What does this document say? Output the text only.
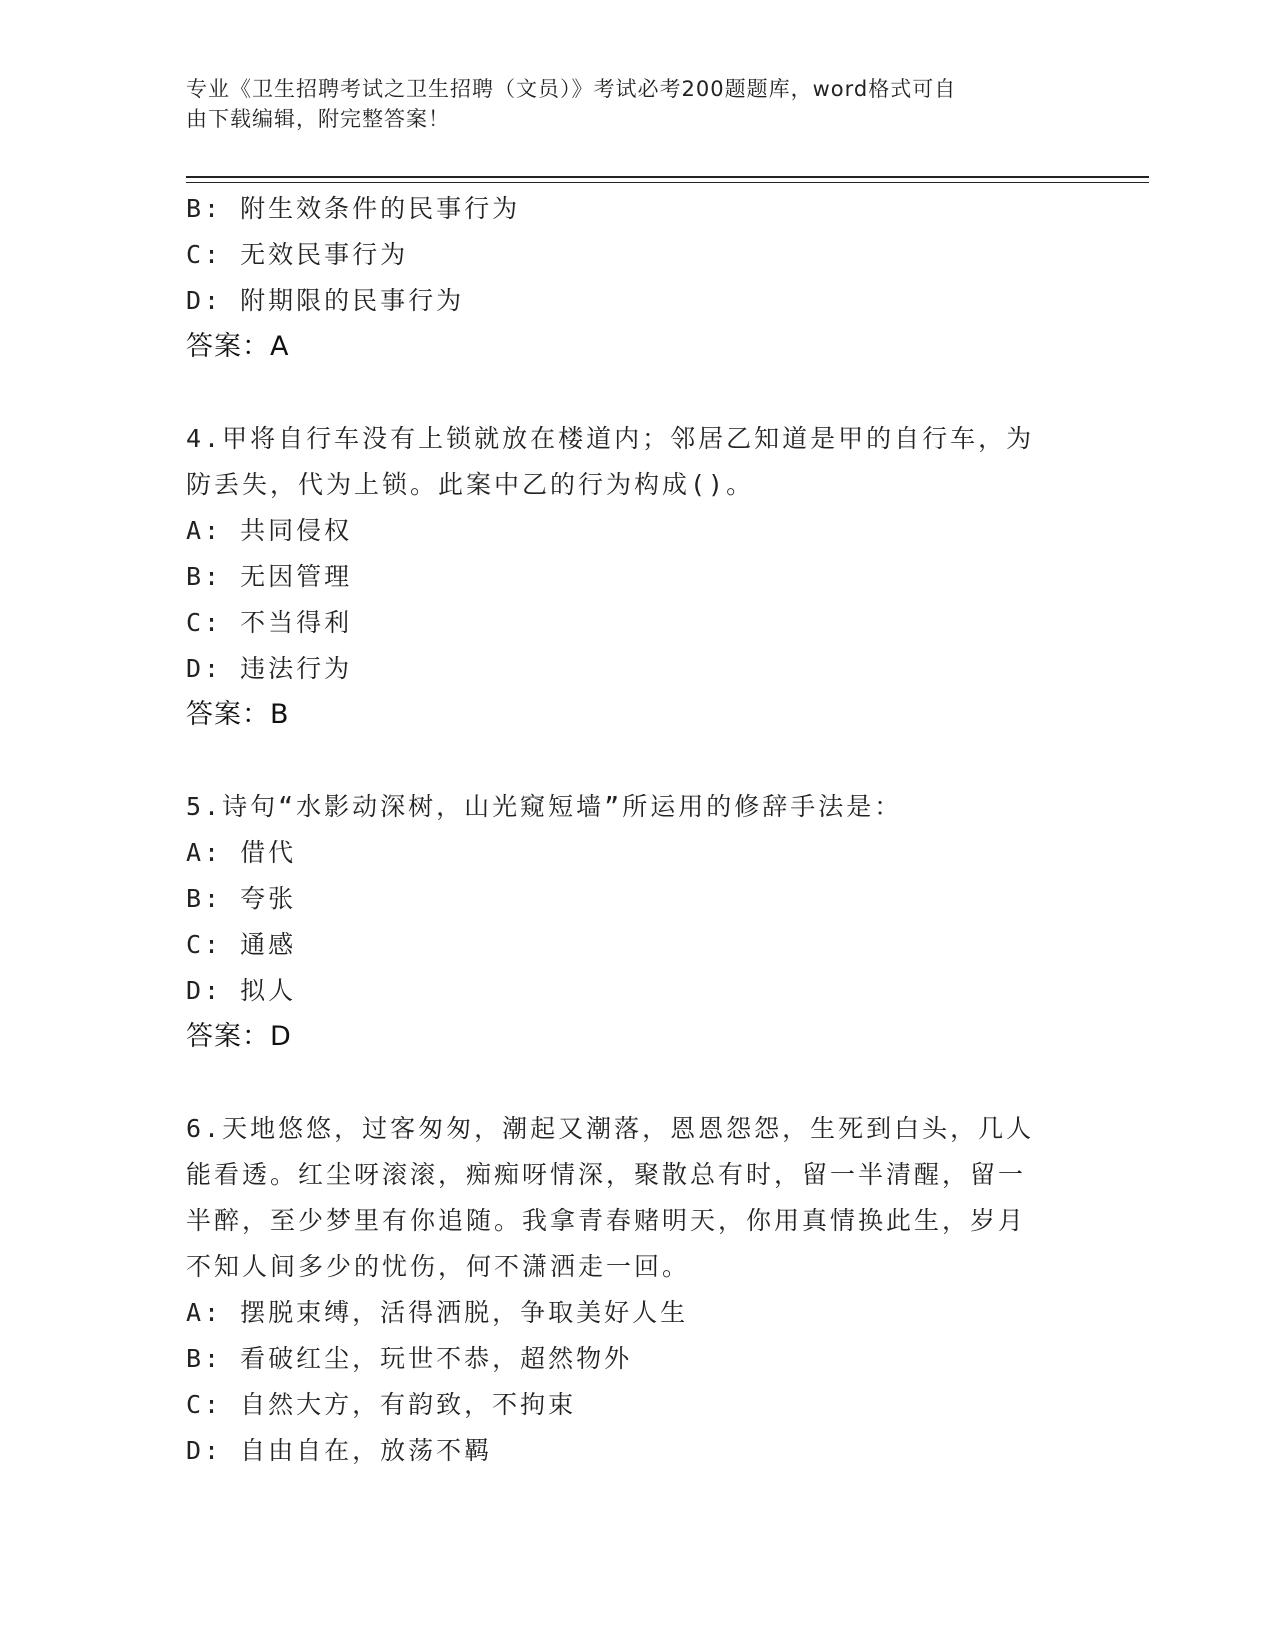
专业《卫生招聘考试之卫生招聘（文员）》考试必考200题题库，word格式可自
由下载编辑，附完整答案！
B: 附生效条件的民事行为
C: 无效民事行为
D: 附期限的民事行为
答案：A
4.甲将自行车没有上锁就放在楼道内；邻居乙知道是甲的自行车，为
防丢失，代为上锁。此案中乙的行为构成()。
A: 共同侵权
B: 无因管理
C: 不当得利
D: 违法行为
答案：B
5.诗句“水影动深树，山光窥短墙”所运用的修辞手法是：
A: 借代
B: 夸张
C: 通感
D: 拟人
答案：D
6.天地悠悠，过客匆匆，潮起又潮落，恩恩怨怨，生死到白头，几人
能看透。红尘呀滚滚，痴痴呀情深，聚散总有时，留一半清醒，留一
半醉，至少梦里有你追随。我拿青春赌明天，你用真情换此生，岁月
不知人间多少的忧伤，何不潇洒走一回。
A: 摆脱束缚，活得洒脱，争取美好人生
B: 看破红尘，玩世不恭，超然物外
C: 自然大方，有韵致，不拘束
D: 自由自在，放荡不羁
